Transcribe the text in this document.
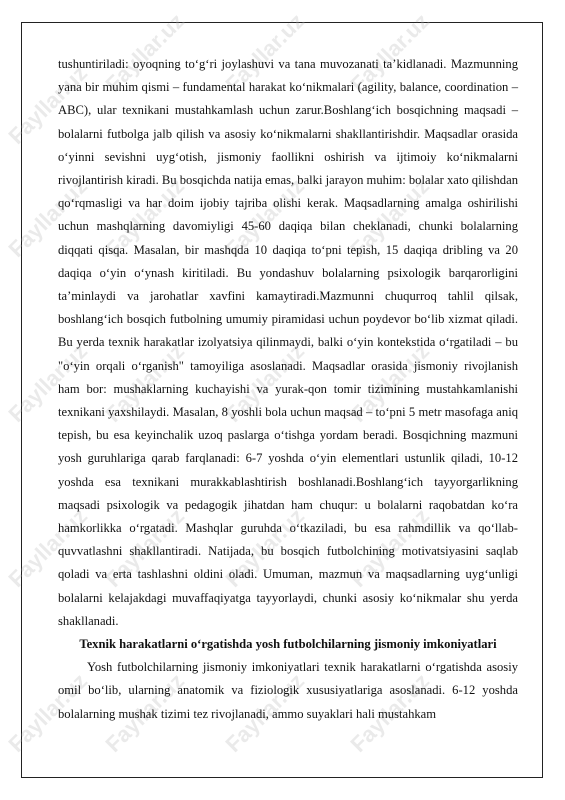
Fayllar.uz
Fayllar.uz Fayllar.uz Fayllar.uz
Fayllar.uz Fayllar.uz Fayllar.uz Fayllar.uz
Fayllar.uz Fayllar.uz Fayllar.uz Fayllar.uz
Fayllar.uz Fayllar.uz Fayllar.uz Fayllar.uz
Fayllar.uz Fayllar.uz Fayllar.uz Fayllar.uz

tushuntiriladi: oyoqning to‘g‘ri joylashuvi va tana muvozanati ta’kidlanadi. Mazmunning yana bir muhim qismi – fundamental harakat ko‘nikmalari (agility, balance, coordination – ABC), ular texnikani mustahkamlash uchun zarur.Boshlang‘ich bosqichning maqsadi – bolalarni futbolga jalb qilish va asosiy ko‘nikmalarni shakllantirishdir. Maqsadlar orasida o‘yinni sevishni uyg‘otish, jismoniy faollikni oshirish va ijtimoiy ko‘nikmalarni rivojlantirish kiradi. Bu bosqichda natija emas, balki jarayon muhim: bolalar xato qilishdan qo‘rqmasligi va har doim ijobiy tajriba olishi kerak. Maqsadlarning amalga oshirilishi uchun mashqlarning davomiyligi 45-60 daqiqa bilan cheklanadi, chunki bolalarning diqqati qisqa. Masalan, bir mashqda 10 daqiqa to‘pni tepish, 15 daqiqa dribling va 20 daqiqa o‘yin o‘ynash kiritiladi. Bu yondashuv bolalarning psixologik barqarorligini ta’minlaydi va jarohatlar xavfini kamaytiradi.Mazmunni chuqurroq tahlil qilsak, boshlang‘ich bosqich futbolning umumiy piramidasi uchun poydevor bo‘lib xizmat qiladi. Bu yerda texnik harakatlar izolyatsiya qilinmaydi, balki o‘yin kontekstida o‘rgatiladi – bu "o‘yin orqali o‘rganish" tamoyiliga asoslanadi. Maqsadlar orasida jismoniy rivojlanish ham bor: mushaklarning kuchayishi va yurak-qon tomir tizimining mustahkamlanishi texnikani yaxshilaydi. Masalan, 8 yoshli bola uchun maqsad – to‘pni 5 metr masofaga aniq tepish, bu esa keyinchalik uzoq paslarga o‘tishga yordam beradi. Bosqichning mazmuni yosh guruhlariga qarab farqlanadi: 6-7 yoshda o‘yin elementlari ustunlik qiladi, 10-12 yoshda esa texnikani murakkablashtirish boshlanadi.Boshlang‘ich tayyorgarlikning maqsadi psixologik va pedagogik jihatdan ham chuqur: u bolalarni raqobatdan ko‘ra hamkorlikka o‘rgatadi. Mashqlar guruhda o‘tkaziladi, bu esa rahmdillik va qo‘llab-quvvatlashni shakllantiradi. Natijada, bu bosqich futbolchining motivatsiyasini saqlab qoladi va erta tashlashni oldini oladi. Umuman, mazmun va maqsadlarning uyg‘unligi bolalarni kelajakdagi muvaffaqiyatga tayyorlaydi, chunki asosiy ko‘nikmalar shu yerda shakllanadi.

Texnik harakatlarni o‘rgatishda yosh futbolchilarning jismoniy imkoniyatlari

Yosh futbolchilarning jismoniy imkoniyatlari texnik harakatlarni o‘rgatishda asosiy omil bo‘lib, ularning anatomik va fiziologik xususiyatlariga asoslanadi. 6-12 yoshda bolalarning mushak tizimi tez rivojlanadi, ammo suyaklari hali mustahkam
